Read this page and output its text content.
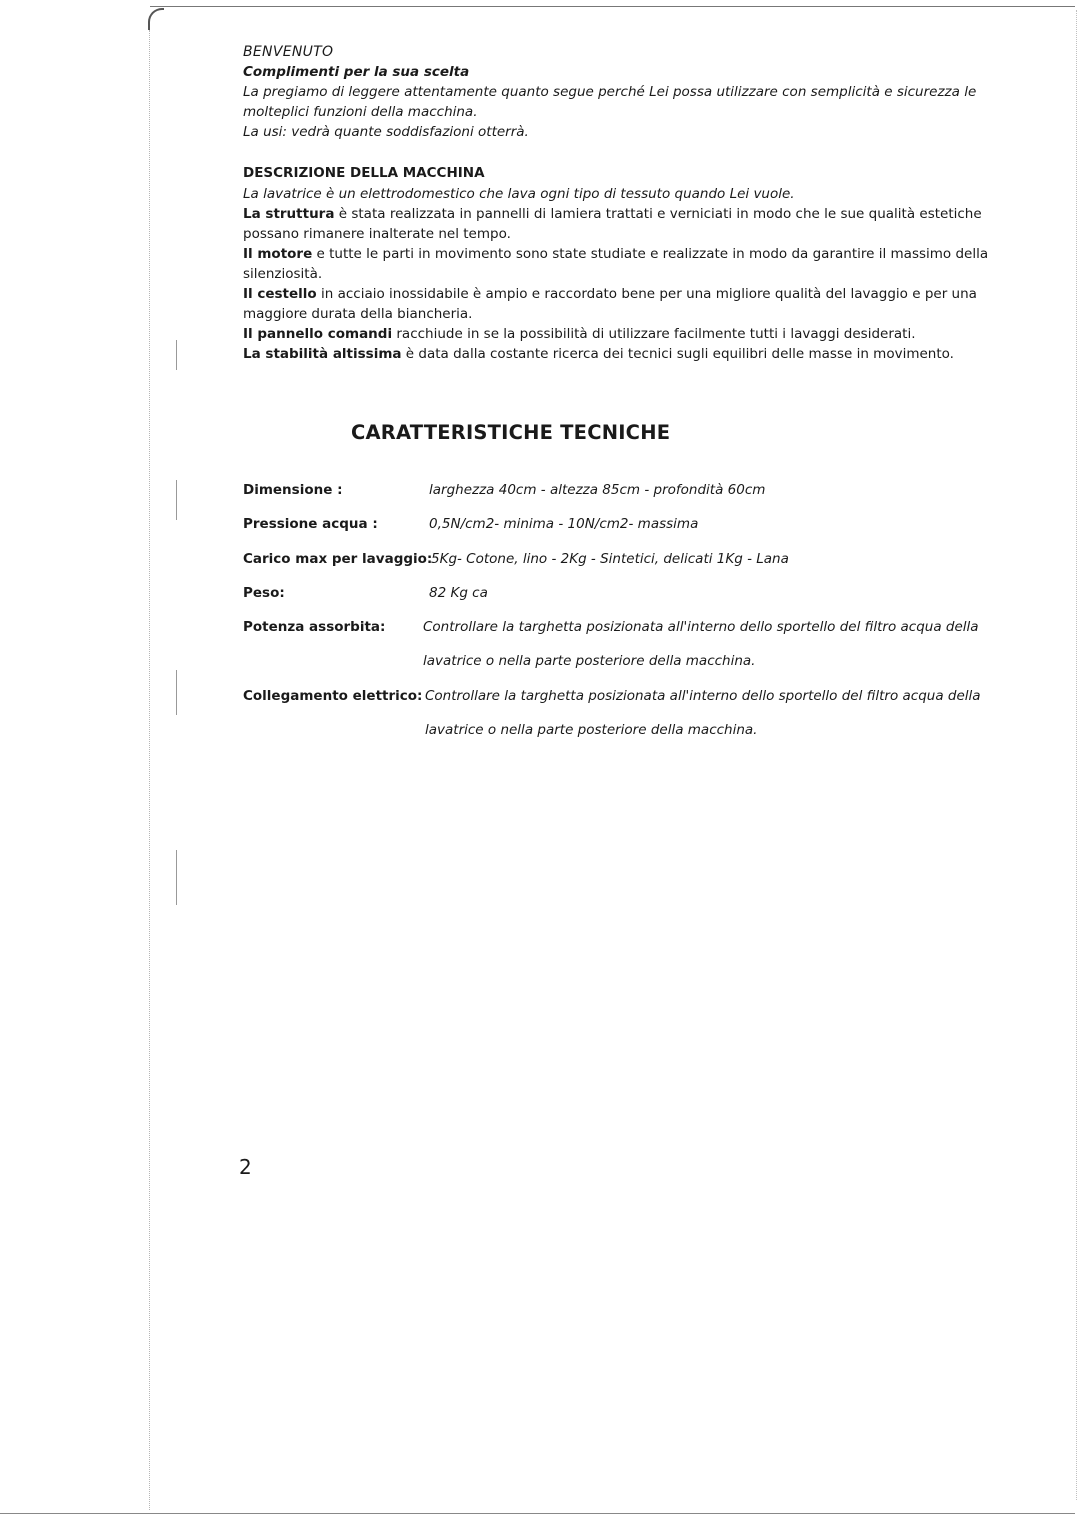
BENVENUTO

Complimenti per la sua scelta

La pregiamo di leggere attentamente quanto segue perché Lei possa utilizzare con semplicità e sicurezza le molteplici funzioni della macchina.

La usi: vedrà quante soddisfazioni otterrà.

DESCRIZIONE DELLA MACCHINA

La lavatrice è un elettrodomestico che lava ogni tipo di tessuto quando Lei vuole.

La struttura è stata realizzata in pannelli di lamiera trattati e verniciati in modo che le sue qualità estetiche possano rimanere inalterate nel tempo.

Il motore e tutte le parti in movimento sono state studiate e realizzate in modo da garantire il massimo della silenziosità.

Il cestello in acciaio inossidabile è ampio e raccordato bene per una migliore qualità del lavaggio e per una maggiore durata della biancheria.

Il pannello comandi racchiude in se la possibilità di utilizzare facilmente tutti i lavaggi desiderati.

La stabilità altissima è data dalla costante ricerca dei tecnici sugli equilibri delle masse in movimento.

CARATTERISTICHE TECNICHE
Dimensione :	larghezza 40cm - altezza 85cm - profondità 60cm
Pressione acqua :	0,5N/cm2- minima - 10N/cm2- massima
Carico max per lavaggio:
5Kg- Cotone, lino - 2Kg - Sintetici, delicati 1Kg - Lana
Peso:	82 Kg ca
Potenza assorbita:	Controllare la targhetta posizionata all'interno dello sportello del filtro acqua della lavatrice o nella parte posteriore della macchina.
Collegamento elettrico: Controllare la targhetta posizionata all'interno dello sportello del filtro acqua della lavatrice o nella parte posteriore della macchina.

2
